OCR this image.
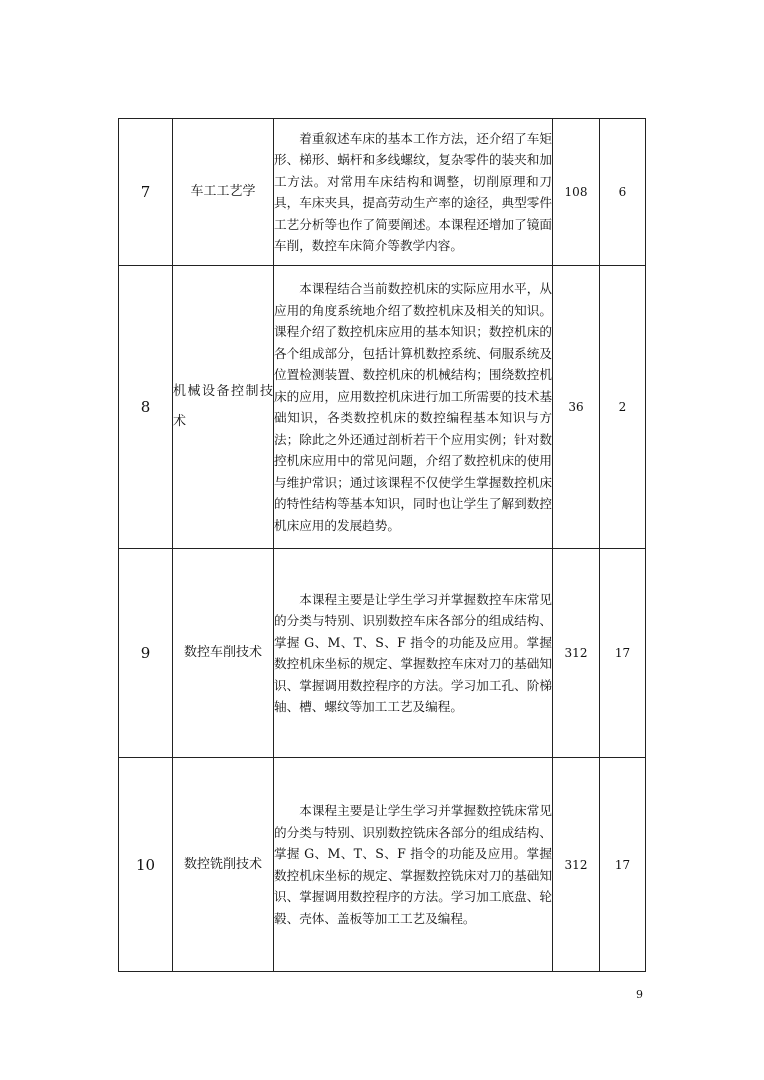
7	车工工艺学	着重叙述车床的基本工作方法，还介绍了车矩形、梯形、蜗杆和多线螺纹，复杂零件的装夹和加工方法。对常用车床结构和调整，切削原理和刀具，车床夹具，提高劳动生产率的途径，典型零件工艺分析等也作了简要阐述。本课程还增加了镜面车削，数控车床简介等教学内容。	108	6
8	机械设备控制技术	本课程结合当前数控机床的实际应用水平，从应用的角度系统地介绍了数控机床及相关的知识。课程介绍了数控机床应用的基本知识；数控机床的各个组成部分，包括计算机数控系统、伺服系统及位置检测装置、数控机床的机械结构；围绕数控机床的应用，应用数控机床进行加工所需要的技术基础知识，各类数控机床的数控编程基本知识与方法；除此之外还通过剖析若干个应用实例；针对数控机床应用中的常见问题，介绍了数控机床的使用与维护常识；通过该课程不仅使学生掌握数控机床的特性结构等基本知识，同时也让学生了解到数控机床应用的发展趋势。	36	2
9	数控车削技术	本课程主要是让学生学习并掌握数控车床常见的分类与特别、识别数控车床各部分的组成结构、掌握 G、M、T、S、F 指令的功能及应用。掌握数控机床坐标的规定、掌握数控车床对刀的基础知识、掌握调用数控程序的方法。学习加工孔、阶梯轴、槽、螺纹等加工工艺及编程。	312	17
10	数控铣削技术	本课程主要是让学生学习并掌握数控铣床常见的分类与特别、识别数控铣床各部分的组成结构、掌握 G、M、T、S、F 指令的功能及应用。掌握数控机床坐标的规定、掌握数控铣床对刀的基础知识、掌握调用数控程序的方法。学习加工底盘、轮毂、壳体、盖板等加工工艺及编程。	312	17
9
